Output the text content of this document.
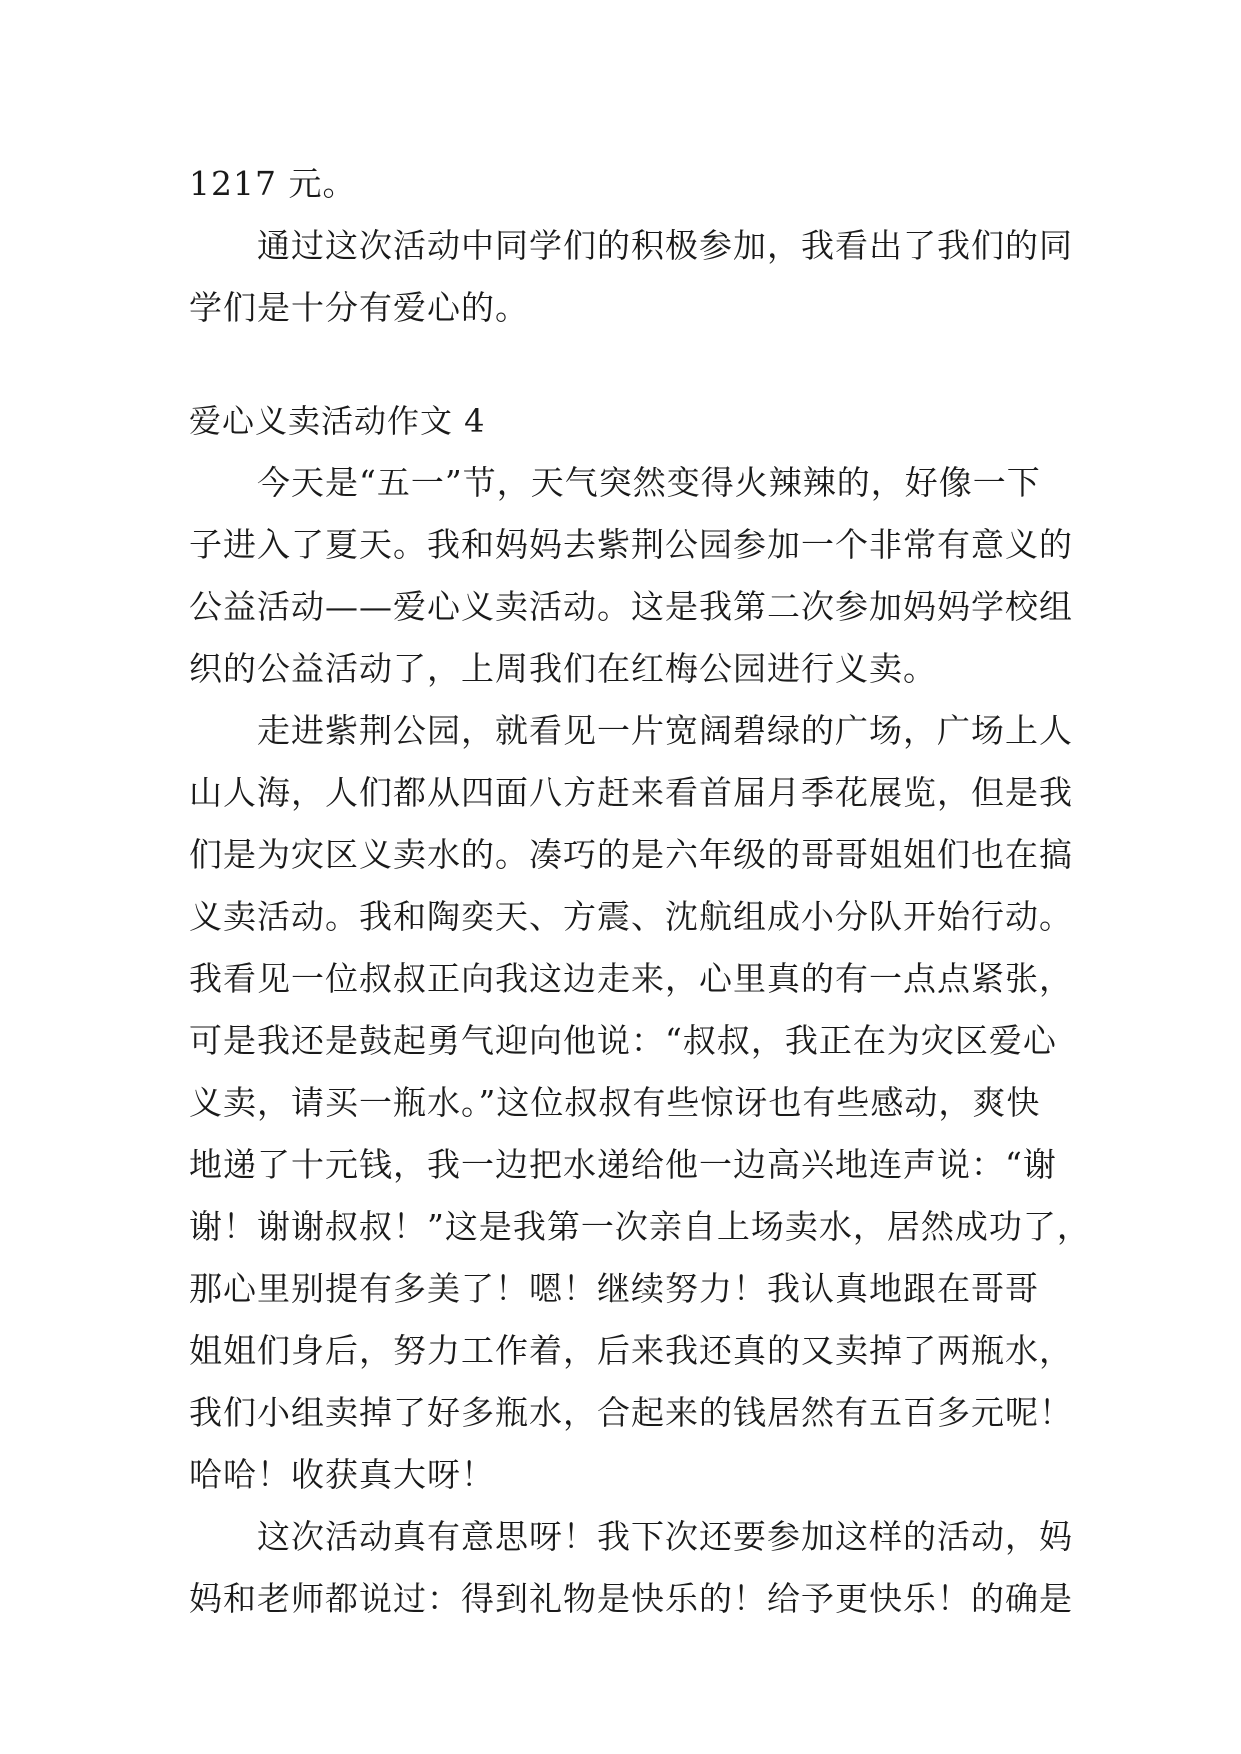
1217 元。
　　通过这次活动中同学们的积极参加，我看出了我们的同
学们是十分有爱心的。
爱心义卖活动作文 4
　　今天是“五一”节，天气突然变得火辣辣的，好像一下
子进入了夏天。我和妈妈去紫荆公园参加一个非常有意义的
公益活动——爱心义卖活动。这是我第二次参加妈妈学校组
织的公益活动了，上周我们在红梅公园进行义卖。
　　走进紫荆公园，就看见一片宽阔碧绿的广场，广场上人
山人海，人们都从四面八方赶来看首届月季花展览，但是我
们是为灾区义卖水的。凑巧的是六年级的哥哥姐姐们也在搞
义卖活动。我和陶奕天、方震、沈航组成小分队开始行动。
我看见一位叔叔正向我这边走来，心里真的有一点点紧张，
可是我还是鼓起勇气迎向他说：“叔叔，我正在为灾区爱心
义卖，请买一瓶水。”这位叔叔有些惊讶也有些感动，爽快
地递了十元钱，我一边把水递给他一边高兴地连声说：“谢
谢！谢谢叔叔！”这是我第一次亲自上场卖水，居然成功了，
那心里别提有多美了！嗯！继续努力！我认真地跟在哥哥
姐姐们身后，努力工作着，后来我还真的又卖掉了两瓶水，
我们小组卖掉了好多瓶水，合起来的钱居然有五百多元呢！
哈哈！收获真大呀！
　　这次活动真有意思呀！我下次还要参加这样的活动，妈
妈和老师都说过：得到礼物是快乐的！给予更快乐！的确是
